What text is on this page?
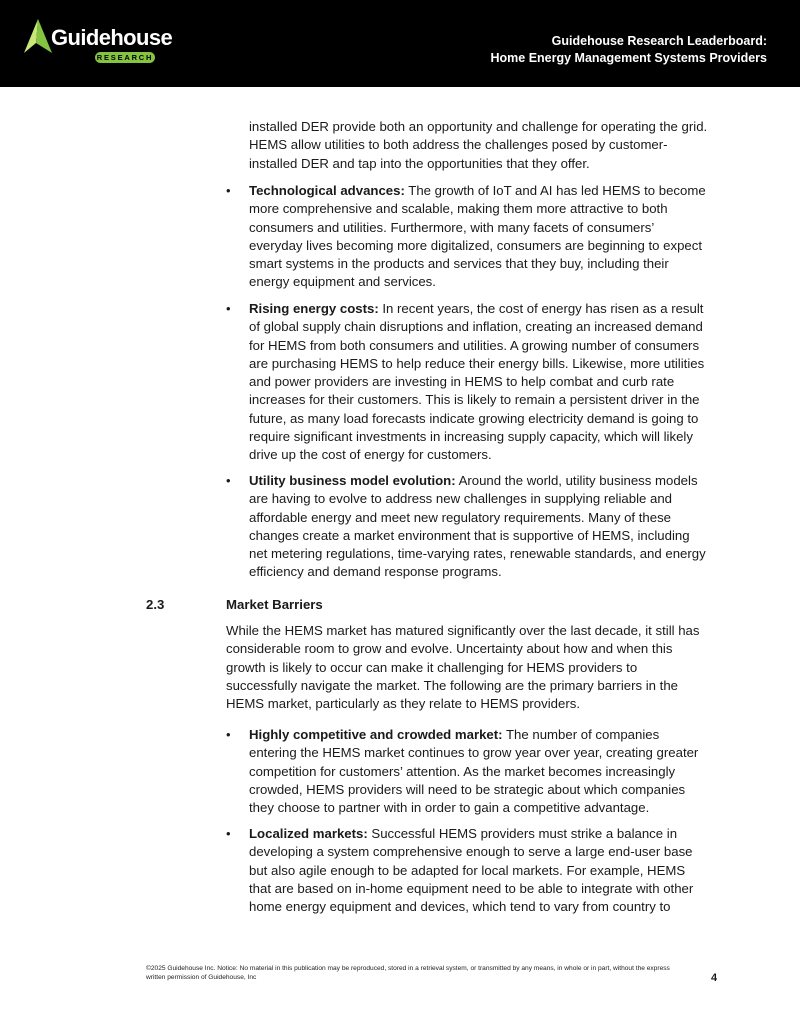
Guidehouse
RESEARCH
Guidehouse Research Leaderboard:
Home Energy Management Systems Providers

installed DER provide both an opportunity and challenge for operating the grid. HEMS allow utilities to both address the challenges posed by customer-installed DER and tap into the opportunities that they offer.

•	Technological advances: The growth of IoT and AI has led HEMS to become more comprehensive and scalable, making them more attractive to both consumers and utilities. Furthermore, with many facets of consumers’ everyday lives becoming more digitalized, consumers are beginning to expect smart systems in the products and services that they buy, including their energy equipment and services.

•	Rising energy costs: In recent years, the cost of energy has risen as a result of global supply chain disruptions and inflation, creating an increased demand for HEMS from both consumers and utilities. A growing number of consumers are purchasing HEMS to help reduce their energy bills. Likewise, more utilities and power providers are investing in HEMS to help combat and curb rate increases for their customers. This is likely to remain a persistent driver in the future, as many load forecasts indicate growing electricity demand is going to require significant investments in increasing supply capacity, which will likely drive up the cost of energy for customers.

•	Utility business model evolution: Around the world, utility business models are having to evolve to address new challenges in supplying reliable and affordable energy and meet new regulatory requirements. Many of these changes create a market environment that is supportive of HEMS, including net metering regulations, time-varying rates, renewable standards, and energy efficiency and demand response programs.

2.3	Market Barriers

While the HEMS market has matured significantly over the last decade, it still has considerable room to grow and evolve. Uncertainty about how and when this growth is likely to occur can make it challenging for HEMS providers to successfully navigate the market. The following are the primary barriers in the HEMS market, particularly as they relate to HEMS providers.

•	Highly competitive and crowded market: The number of companies entering the HEMS market continues to grow year over year, creating greater competition for customers’ attention. As the market becomes increasingly crowded, HEMS providers will need to be strategic about which companies they choose to partner with in order to gain a competitive advantage.

•	Localized markets: Successful HEMS providers must strike a balance in developing a system comprehensive enough to serve a large end-user base but also agile enough to be adapted for local markets. For example, HEMS that are based on in-home equipment need to be able to integrate with other home energy equipment and devices, which tend to vary from country to

©2025 Guidehouse Inc. Notice: No material in this publication may be reproduced, stored in a retrieval system, or transmitted by any means, in whole or in part, without the express written permission of Guidehouse, Inc	4
